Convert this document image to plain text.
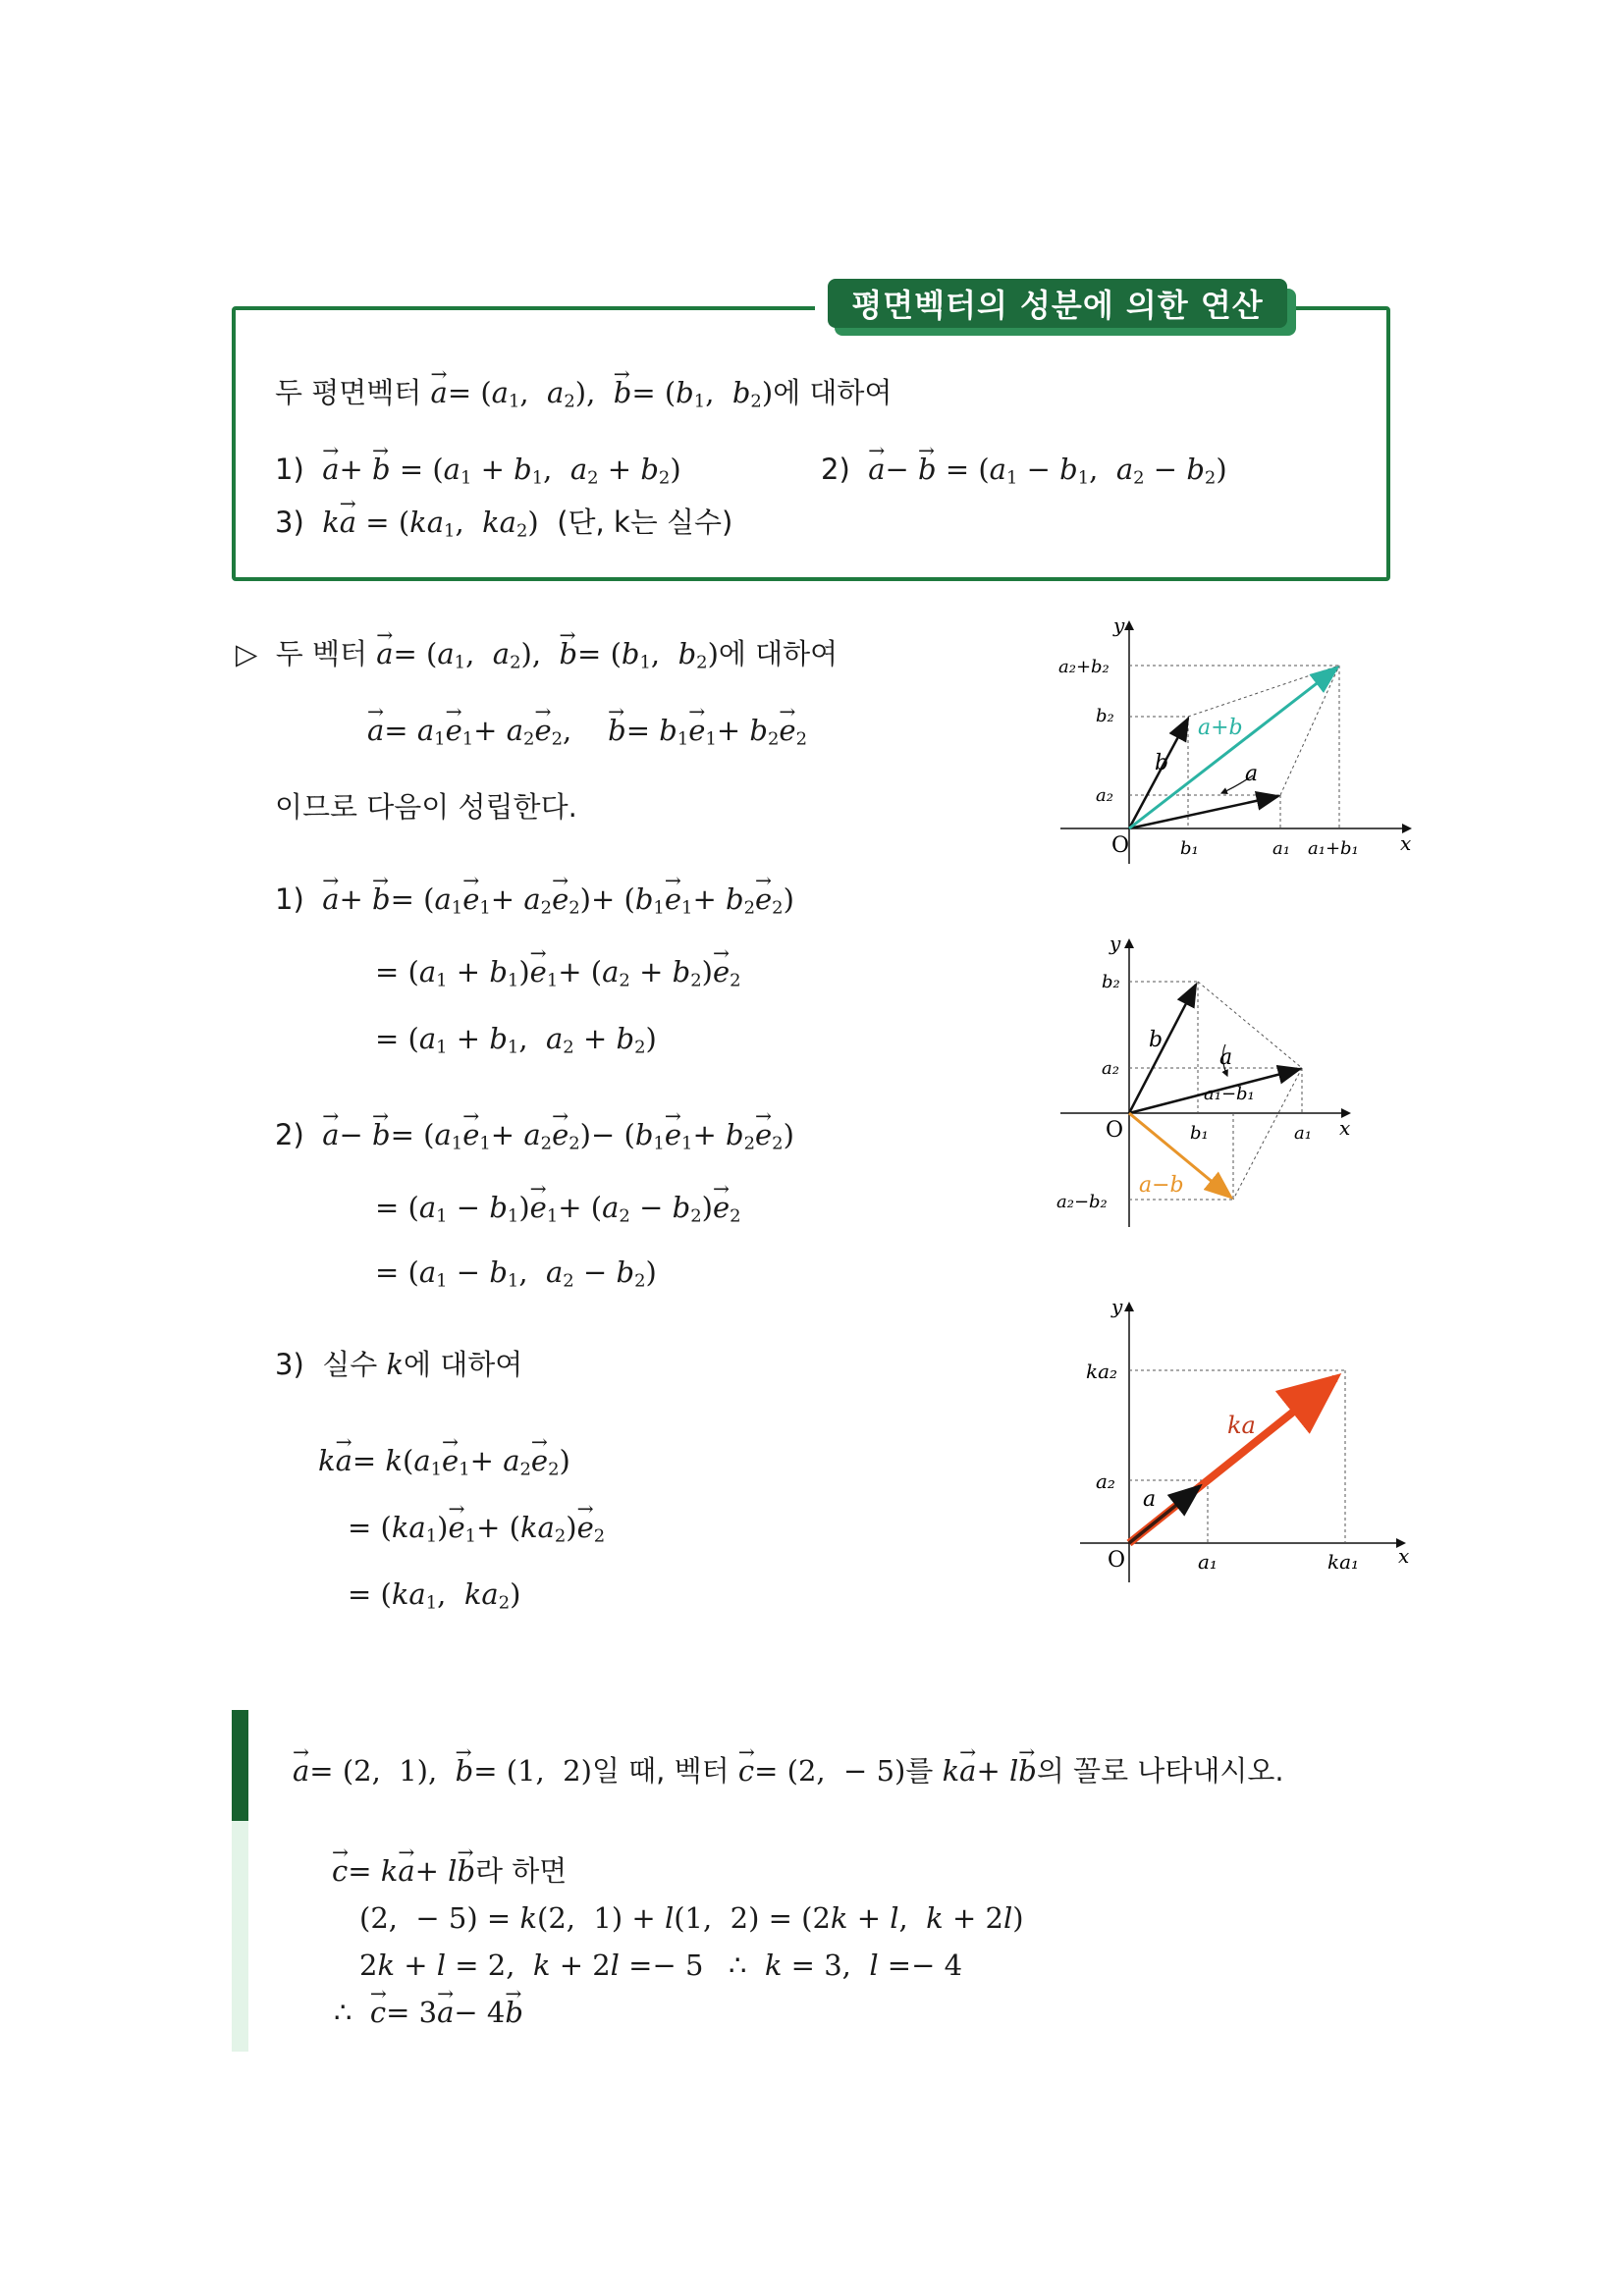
평면벡터의 성분에 의한 연산
두 평면벡터 → $a= (a_1$,  $a_2$),  → $b= (b_1$,  $b_2$)에 대하여
$1) \to a+ \to b = (a_1 + b_1$,  $a_2 + b_2$)	$2) \to a- \to b = (a_1 - b_1$,  $a_2 - b_2$)
3) $k\to a = (ka_1$,  $ka_2$)  (단, k는 실수)
▷ 두 벡터 → $a= (a_1$,  $a_2$),  → $b= (b_1$,  $b_2$)에 대하여
→ $a= a_1\to e_1+ a_2\to e_2$,    → $b= b_1\to e_1+ b_2\to e_2$
이므로 다음이 성립한다.
$1) \to a+ \to b= (a_1\to e_1+ a_2\to e_2)+ (b_1\to e_1+ b_2\to e_2)$
= $(a_1 + b_1)\to e_1+ (a_2 + b_2)\to e_2$
= ($a_1 + b_1$,  $a_2 + b_2$)
$2) \to a- \to b= (a_1\to e_1+ a_2\to e_2)- (b_1\to e_1+ b_2\to e_2)$
= $(a_1 - b_1)\to e_1+ (a_2 - b_2)\to e_2$
= ($a_1 - b_1$,  $a_2 - b_2$)
3) 실수 k에 대하여
$k\to a= k(a_1\to e_1+ a_2\to e_2)$
= $(ka_1)\to e_1+ (ka_2)\to e_2$
= ($ka_1$,  $ka_2$)
y
x
O
a₂+b₂
b₂
a₂
b₁	a₁ a₁+b₁
a+b
b	a
y
x
O
b₂
a₂
b₁	a₁
a₁−b₁
a₂−b₂
a−b
b
a
y
x
O
ka₂
a₂
a₁	ka₁
ka
a
→ a= (2,  1),  → b= (1,  2)일 때, 벡터 → c= (2,  − 5)를 k→ a+ l→ b의 꼴로 나타내시오.
→ c= k→ a+ l→ b라 하면
(2,  − 5) = k(2,  1) + l(1,  2) = (2k + l,  k + 2l)
2k + l = 2,  k + 2l =− 5 ∴  k = 3,  l =− 4
∴  → c= 3→ a− 4→ b
